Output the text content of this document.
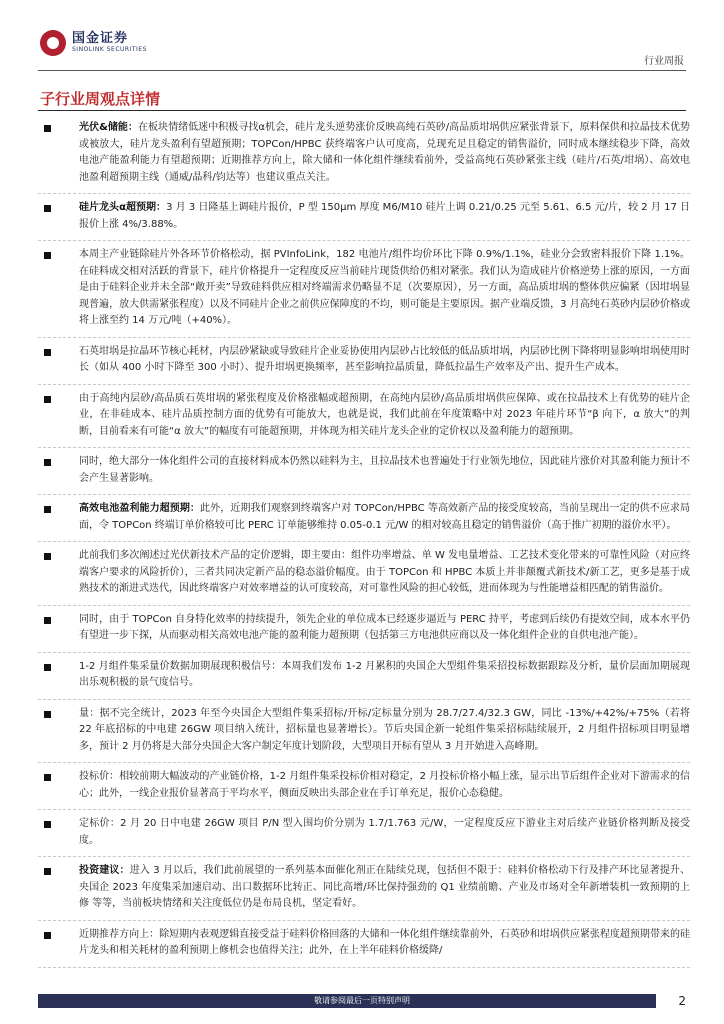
国金证券
SINOLINK SECURITIES
行业周报
子行业周观点详情
光伏&储能：在板块情绪低迷中积极寻找α机会，硅片龙头逆势涨价反映高纯石英砂/高品质坩埚供应紧张背景下，原料保供和拉晶技术优势或被放大，硅片龙头盈利有望超预期；TOPCon/HPBC 获终端客户认可度高，兑现充足且稳定的销售溢价，同时成本继续稳步下降，高效电池产能盈利能力有望超预期；近期推荐方向上，除大储和一体化组件继续看前外，受益高纯石英砂紧张主线（硅片/石英/坩埚）、高效电池盈利超预期主线（通威/晶科/钧达等）也建议重点关注。
硅片龙头α超预期：3 月 3 日隆基上调硅片报价，P 型 150μm 厚度 M6/M10 硅片上调 0.21/0.25 元至 5.61、6.5 元/片，较 2 月 17 日报价上涨 4%/3.88%。
本周主产业链除硅片外各环节价格松动，据 PVInfoLink，182 电池片/组件均价环比下降 0.9%/1.1%，硅业分会致密料报价下降 1.1%。在硅料成交相对活跃的背景下，硅片价格提升一定程度反应当前硅片现货供给仍相对紧张。我们认为造成硅片价格逆势上涨的原因，一方面是由于硅料企业并未全部“敞开卖”导致硅料供应相对终端需求仍略显不足（次要原因），另一方面，高品质坩埚的整体供应偏紧（因坩埚显现普遍，放大供需紧张程度）以及不同硅片企业之前供应保障度的不均，则可能是主要原因。据产业端反馈，3 月高纯石英砂内层砂价格或将上涨至约 14 万元/吨（+40%）。
石英坩埚是拉晶环节核心耗材，内层砂紧缺或导致硅片企业妥协使用内层砂占比较低的低品质坩埚，内层砂比例下降将明显影响坩埚使用时长（如从 400 小时下降至 300 小时）、提升坩埚更换频率，甚至影响拉晶质量，降低拉晶生产效率及产出、提升生产成本。
由于高纯内层砂/高品质石英坩埚的紧张程度及价格涨幅或超预期，在高纯内层砂/高品质坩埚供应保障、或在拉晶技术上有优势的硅片企业，在非硅成本、硅片品质控制方面的优势有可能放大，也就是说，我们此前在年度策略中对 2023 年硅片环节“β 向下，α 放大”的判断，目前看来有可能“α 放大”的幅度有可能超预期，并体现为相关硅片龙头企业的定价权以及盈利能力的超预期。
同时，绝大部分一体化组件公司的直接材料成本仍然以硅料为主，且拉晶技术也普遍处于行业领先地位，因此硅片涨价对其盈利能力预计不会产生显著影响。
高效电池盈利能力超预期：此外，近期我们观察到终端客户对 TOPCon/HPBC 等高效新产品的接受度较高，当前呈现出一定的供不应求局面，令 TOPCon 终端订单价格较可比 PERC 订单能够维持 0.05-0.1 元/W 的相对较高且稳定的销售溢价（高于推广初期的溢价水平）。
此前我们多次阐述过光伏新技术产品的定价逻辑，即主要由：组件功率增益、单 W 发电量增益、工艺技术变化带来的可靠性风险（对应终端客户要求的风险折价），三者共同决定新产品的稳态溢价幅度。由于 TOPCon 和 HPBC 本质上并非颠覆式新技术/新工艺，更多是基于成熟技术的渐进式迭代，因此终端客户对效率增益的认可度较高，对可靠性风险的担心较低，进而体现为与性能增益相匹配的销售溢价。
同时，由于 TOPCon 自身特化效率的持续提升，领先企业的单位成本已经逐步逼近与 PERC 持平，考虑到后续仍有提效空间，成本水平仍有望进一步下探，从而驱动相关高效电池产能的盈利能力超预期（包括第三方电池供应商以及一体化组件企业的自供电池产能）。
1-2 月组件集采量价数据加期展现积极信号：本周我们发布 1-2 月累积的央国企大型组件集采招投标数据跟踪及分析，量价层面加期展现出乐观积极的景气度信号。
量：据不完全统计，2023 年至今央国企大型组件集采招标/开标/定标量分别为 28.7/27.4/32.3 GW，同比 -13%/+42%/+75%（若将 22 年底招标的中电建 26GW 项目纳入统计，招标量也显著增长）。节后央国企新一轮组件集采招标陆续展开，2 月组件招标项目明显增多，预计 2 月仍将是大部分央国企大客户制定年度计划阶段，大型项目开标有望从 3 月开始进入高峰期。
投标价：相较前期大幅波动的产业链价格，1-2 月组件集采投标价相对稳定，2 月投标价格小幅上涨，显示出节后组件企业对下游需求的信心；此外，一线企业报价显著高于平均水平，侧面反映出头部企业在手订单充足，报价心态稳健。
定标价：2 月 20 日中电建 26GW 项目 P/N 型入围均价分别为 1.7/1.763 元/W，一定程度反应下游业主对后续产业链价格判断及接受度。
投资建议：进入 3 月以后，我们此前展望的一系列基本面催化剂正在陆续兑现，包括但不限于：硅料价格松动下行及排产环比显著提升、央国企 2023 年度集采加速启动、出口数据环比转正、同比高增/环比保持强劲的 Q1 业绩前瞻、产业及市场对全年新增装机一致预期的上修 等等，当前板块情绪和关注度低位仍是布局良机，坚定看好。
近期推荐方向上：除短期内表观逻辑直接受益于硅料价格回落的大储和一体化组件继续靠前外，石英砂和坩埚供应紧张程度超预期带来的硅片龙头和相关耗材的盈利预期上修机会也值得关注；此外，在上半年硅料价格缓降/
敬请参阅最后一页特别声明	2
